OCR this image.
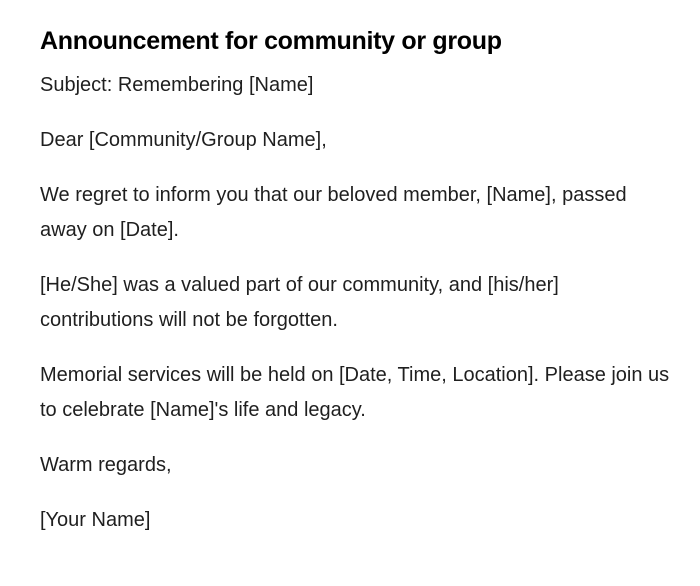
Announcement for community or group

Subject: Remembering [Name]

Dear [Community/Group Name],

We regret to inform you that our beloved member, [Name], passed away on [Date].

[He/She] was a valued part of our community, and [his/her] contributions will not be forgotten.

Memorial services will be held on [Date, Time, Location]. Please join us to celebrate [Name]'s life and legacy.

Warm regards,

[Your Name]
